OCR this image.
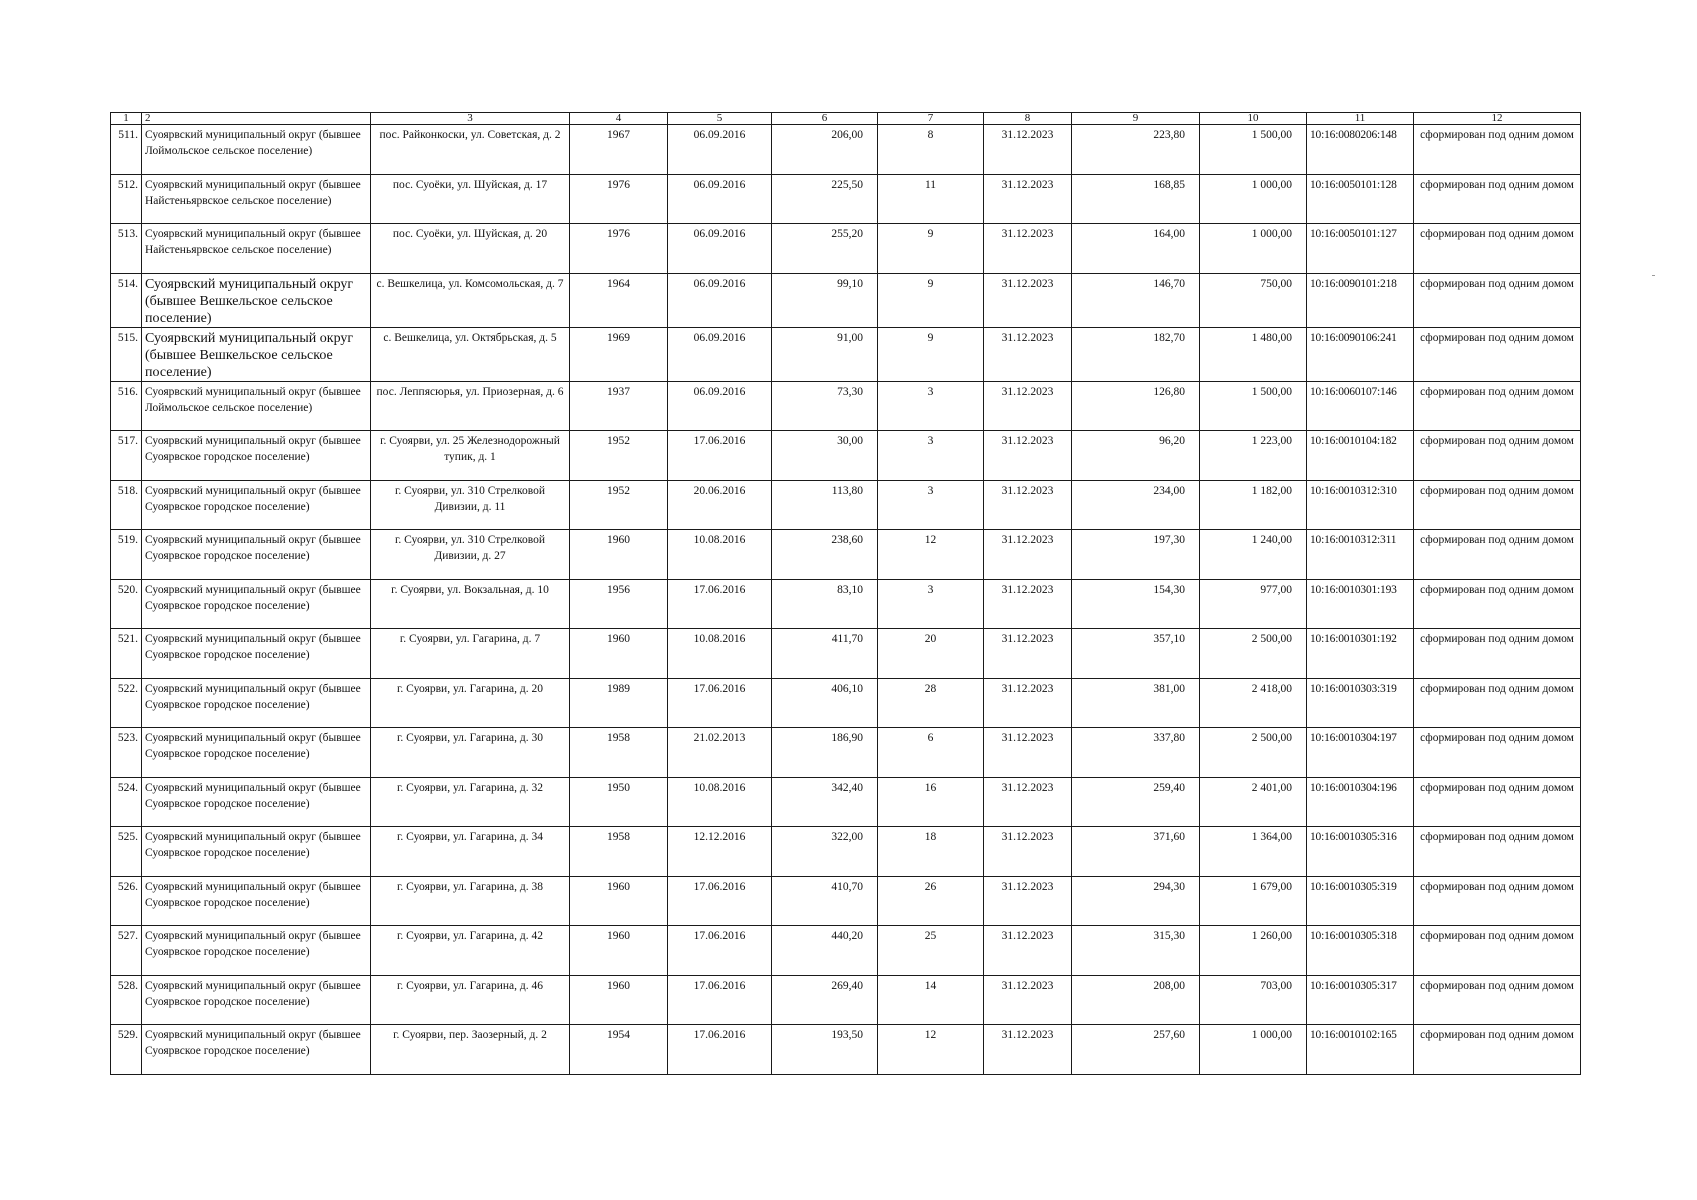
1	2	3	4	5	6	7	8	9	10	11	12
511.	Суоярвский муниципальный округ (бывшее Лоймольское сельское поселение)	пос. Райконкоски, ул. Советская, д. 2	1967	06.09.2016	206,00	8	31.12.2023	223,80	1 500,00	10:16:0080206:148	сформирован под одним домом
512.	Суоярвский муниципальный округ (бывшее Найстеньярвское сельское поселение)	пос. Суоёки, ул. Шуйская, д. 17	1976	06.09.2016	225,50	11	31.12.2023	168,85	1 000,00	10:16:0050101:128	сформирован под одним домом
513.	Суоярвский муниципальный округ (бывшее Найстеньярвское сельское поселение)	пос. Суоёки, ул. Шуйская, д. 20	1976	06.09.2016	255,20	9	31.12.2023	164,00	1 000,00	10:16:0050101:127	сформирован под одним домом
514.	Суоярвский муниципальный округ (бывшее Вешкельское сельское поселение)	с. Вешкелица, ул. Комсомольская, д. 7	1964	06.09.2016	99,10	9	31.12.2023	146,70	750,00	10:16:0090101:218	сформирован под одним домом
515.	Суоярвский муниципальный округ (бывшее Вешкельское сельское поселение)	с. Вешкелица, ул. Октябрьская, д. 5	1969	06.09.2016	91,00	9	31.12.2023	182,70	1 480,00	10:16:0090106:241	сформирован под одним домом
516.	Суоярвский муниципальный округ (бывшее Лоймольское сельское поселение)	пос. Леппясюрья, ул. Приозерная, д. 6	1937	06.09.2016	73,30	3	31.12.2023	126,80	1 500,00	10:16:0060107:146	сформирован под одним домом
517.	Суоярвский муниципальный округ (бывшее Суоярвское городское поселение)	г. Суоярви, ул. 25 Железнодорожный тупик, д. 1	1952	17.06.2016	30,00	3	31.12.2023	96,20	1 223,00	10:16:0010104:182	сформирован под одним домом
518.	Суоярвский муниципальный округ (бывшее Суоярвское городское поселение)	г. Суоярви, ул. 310 Стрелковой Дивизии, д. 11	1952	20.06.2016	113,80	3	31.12.2023	234,00	1 182,00	10:16:0010312:310	сформирован под одним домом
519.	Суоярвский муниципальный округ (бывшее Суоярвское городское поселение)	г. Суоярви, ул. 310 Стрелковой Дивизии, д. 27	1960	10.08.2016	238,60	12	31.12.2023	197,30	1 240,00	10:16:0010312:311	сформирован под одним домом
520.	Суоярвский муниципальный округ (бывшее Суоярвское городское поселение)	г. Суоярви, ул. Вокзальная, д. 10	1956	17.06.2016	83,10	3	31.12.2023	154,30	977,00	10:16:0010301:193	сформирован под одним домом
521.	Суоярвский муниципальный округ (бывшее Суоярвское городское поселение)	г. Суоярви, ул. Гагарина, д. 7	1960	10.08.2016	411,70	20	31.12.2023	357,10	2 500,00	10:16:0010301:192	сформирован под одним домом
522.	Суоярвский муниципальный округ (бывшее Суоярвское городское поселение)	г. Суоярви, ул. Гагарина, д. 20	1989	17.06.2016	406,10	28	31.12.2023	381,00	2 418,00	10:16:0010303:319	сформирован под одним домом
523.	Суоярвский муниципальный округ (бывшее Суоярвское городское поселение)	г. Суоярви, ул. Гагарина, д. 30	1958	21.02.2013	186,90	6	31.12.2023	337,80	2 500,00	10:16:0010304:197	сформирован под одним домом
524.	Суоярвский муниципальный округ (бывшее Суоярвское городское поселение)	г. Суоярви, ул. Гагарина, д. 32	1950	10.08.2016	342,40	16	31.12.2023	259,40	2 401,00	10:16:0010304:196	сформирован под одним домом
525.	Суоярвский муниципальный округ (бывшее Суоярвское городское поселение)	г. Суоярви, ул. Гагарина, д. 34	1958	12.12.2016	322,00	18	31.12.2023	371,60	1 364,00	10:16:0010305:316	сформирован под одним домом
526.	Суоярвский муниципальный округ (бывшее Суоярвское городское поселение)	г. Суоярви, ул. Гагарина, д. 38	1960	17.06.2016	410,70	26	31.12.2023	294,30	1 679,00	10:16:0010305:319	сформирован под одним домом
527.	Суоярвский муниципальный округ (бывшее Суоярвское городское поселение)	г. Суоярви, ул. Гагарина, д. 42	1960	17.06.2016	440,20	25	31.12.2023	315,30	1 260,00	10:16:0010305:318	сформирован под одним домом
528.	Суоярвский муниципальный округ (бывшее Суоярвское городское поселение)	г. Суоярви, ул. Гагарина, д. 46	1960	17.06.2016	269,40	14	31.12.2023	208,00	703,00	10:16:0010305:317	сформирован под одним домом
529.	Суоярвский муниципальный округ (бывшее Суоярвское городское поселение)	г. Суоярви, пер. Заозерный, д. 2	1954	17.06.2016	193,50	12	31.12.2023	257,60	1 000,00	10:16:0010102:165	сформирован под одним домом
